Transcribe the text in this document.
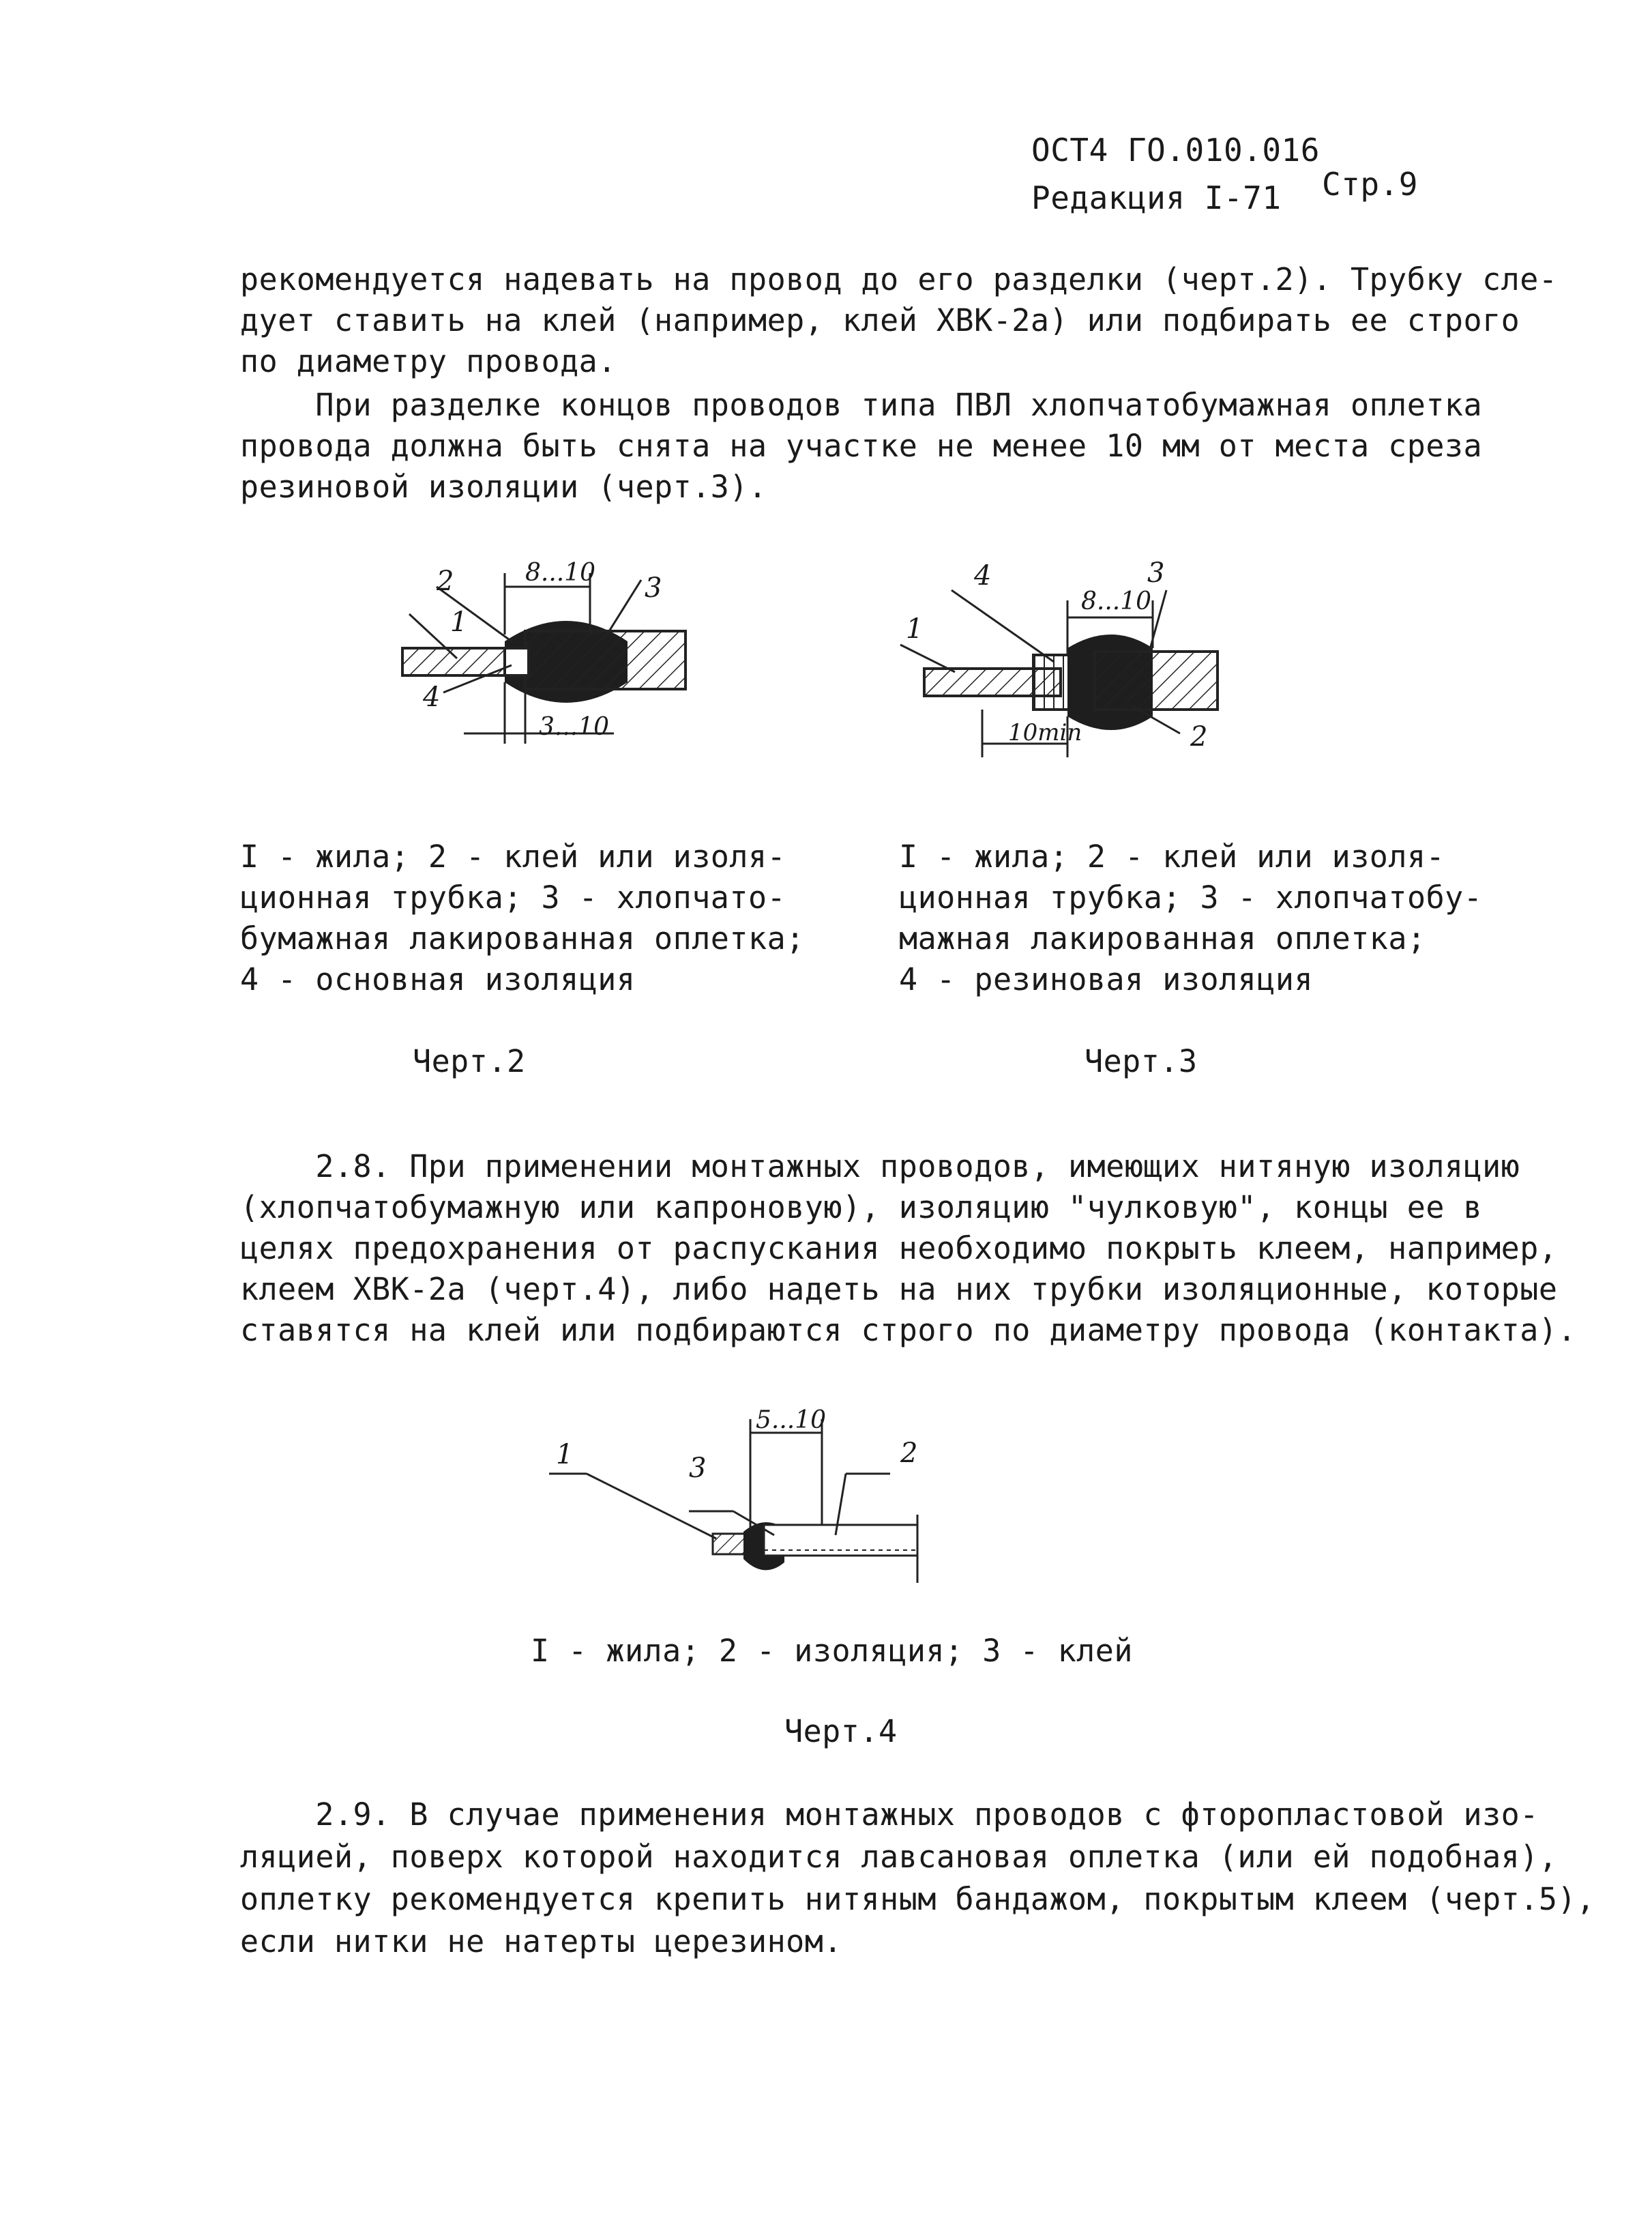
ОСТ4 ГО.010.016
Редакция I-71 Стр.9
рекомендуется надевать на провод до его разделки (черт.2). Трубку сле-
дует ставить на клей (например, клей ХВК-2а) или подбирать ее строго
по диаметру провода.
При разделке концов проводов типа ПВЛ хлопчатобумажная оплетка
провода должна быть снята на участке не менее 10 мм от места среза
резиновой изоляции (черт.3).
2
1
3
4
8...10
3...10
1
4	3
2
8...10
10min
I - жила; 2 - клей или изоля-
ционная трубка; 3 - хлопчато-
бумажная лакированная оплетка;
4 - основная изоляция
Черт.2
I - жила; 2 - клей или изоля-
ционная трубка; 3 - хлопчатобу-
мажная лакированная оплетка;
4 - резиновая изоляция
Черт.3
2.8. При применении монтажных проводов, имеющих нитяную изоляцию
(хлопчатобумажную или капроновую), изоляцию "чулковую", концы ее в
целях предохранения от распускания необходимо покрыть клеем, например,
клеем ХВК-2а (черт.4), либо надеть на них трубки изоляционные, которые
ставятся на клей или подбираются строго по диаметру провода (контакта).
1	3	2
5...10
I - жила; 2 - изоляция; 3 - клей
Черт.4
2.9. В случае применения монтажных проводов с фторопластовой изо-
ляцией, поверх которой находится лавсановая оплетка (или ей подобная),
оплетку рекомендуется крепить нитяным бандажом, покрытым клеем (черт.5),
если нитки не натерты церезином.
